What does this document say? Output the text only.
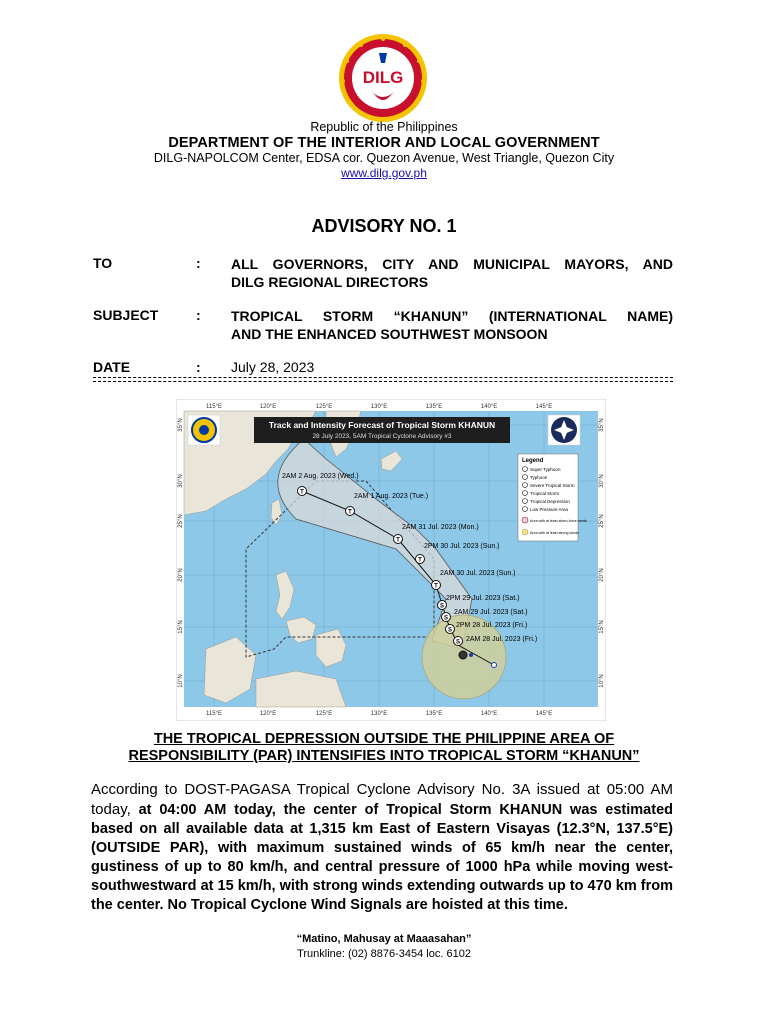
DILG
Republic of the Philippines
DEPARTMENT OF THE INTERIOR AND LOCAL GOVERNMENT
DILG-NAPOLCOM Center, EDSA cor. Quezon Avenue, West Triangle, Quezon City
www.dilg.gov.ph
ADVISORY NO. 1
TO	: ALL GOVERNORS, CITY AND MUNICIPAL MAYORS, AND
DILG REGIONAL DIRECTORS
SUBJECT	: TROPICAL STORM “KHANUN” (INTERNATIONAL NAME)
AND THE ENHANCED SOUTHWEST MONSOON
DATE	: July 28, 2023
T
2AM 2 Aug. 2023 (Wed.)
T
2AM 1 Aug. 2023 (Tue.)
T
2AM 31 Jul. 2023 (Mon.)
T
2PM 30 Jul. 2023 (Sun.)
T
2AM 30 Jul. 2023 (Sun.)
S
2PM 29 Jul. 2023 (Sat.)
S
2AM 29 Jul. 2023 (Sat.)
S
2PM 28 Jul. 2023 (Fri.)
S 2AM 28 Jul. 2023 (Fri.)
Track and Intensity Forecast of Tropical Storm KHANUN
28 July 2023, 5AM Tropical Cyclone Advisory #3
Legend
Super Typhoon
Typhoon
Severe Tropical Storm
Tropical Storm
Tropical Depression
Low Pressure Area
Area with at least storm-force winds
Area with at least strong winds
115°E	120°E	125°E	130°E	135°E	140°E	145°E
115°E	120°E	125°E	130°E	135°E	140°E	145°E
35°N
30°N
25°N
20°N
15°N
10°N
35°N
30°N
25°N
20°N
15°N
10°N
THE TROPICAL DEPRESSION OUTSIDE THE PHILIPPINE AREA OF
RESPONSIBILITY (PAR) INTENSIFIES INTO TROPICAL STORM “KHANUN”
According to DOST-PAGASA Tropical Cyclone Advisory No. 3A issued at 05:00 AM today, at 04:00 AM today, the center of Tropical Storm KHANUN was estimated based on all available data at 1,315 km East of Eastern Visayas (12.3°N, 137.5°E) (OUTSIDE PAR), with maximum sustained winds of 65 km/h near the center, gustiness of up to 80 km/h, and central pressure of 1000 hPa while moving west-southwestward at 15 km/h, with strong winds extending outwards up to 470 km from the center. No Tropical Cyclone Wind Signals are hoisted at this time.
“Matino, Mahusay at Maaasahan”
Trunkline: (02) 8876-3454 loc. 6102
